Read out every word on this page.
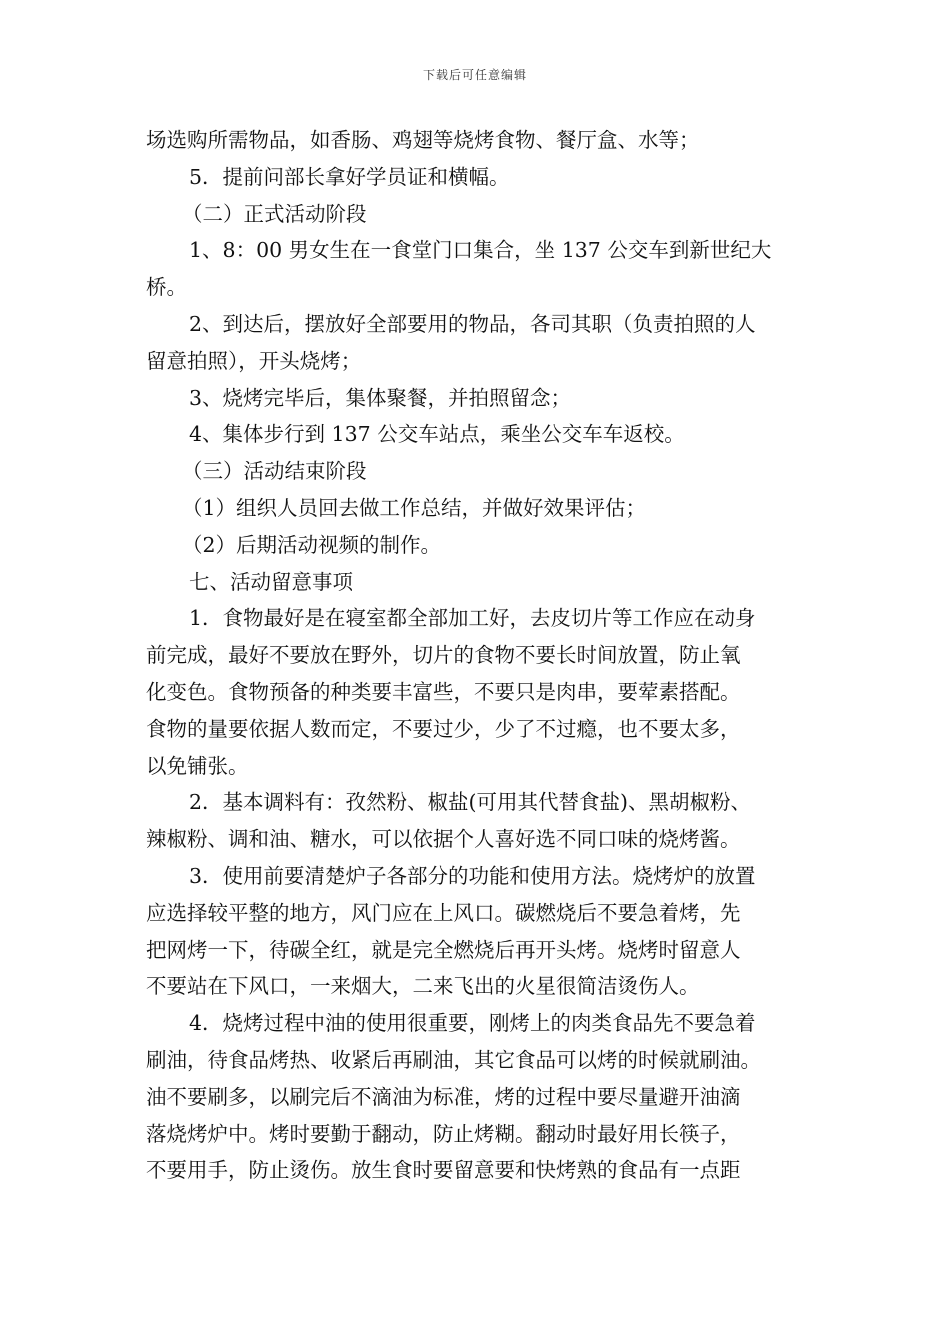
下载后可任意编辑
场选购所需物品，如香肠、鸡翅等烧烤食物、餐厅盒、水等；
5．提前问部长拿好学员证和横幅。
（二）正式活动阶段
1、8：00 男女生在一食堂门口集合，坐 137 公交车到新世纪大
桥。
2、到达后，摆放好全部要用的物品，各司其职（负责拍照的人
留意拍照），开头烧烤；
3、烧烤完毕后，集体聚餐，并拍照留念；
4、集体步行到 137 公交车站点，乘坐公交车车返校。
（三）活动结束阶段
（1）组织人员回去做工作总结，并做好效果评估；
（2）后期活动视频的制作。
七、活动留意事项
1．食物最好是在寝室都全部加工好，去皮切片等工作应在动身
前完成，最好不要放在野外，切片的食物不要长时间放置，防止氧
化变色。食物预备的种类要丰富些，不要只是肉串，要荤素搭配。
食物的量要依据人数而定，不要过少，少了不过瘾，也不要太多，
以免铺张。
2．基本调料有：孜然粉、椒盐(可用其代替食盐)、黑胡椒粉、
辣椒粉、调和油、糖水，可以依据个人喜好选不同口味的烧烤酱。
3．使用前要清楚炉子各部分的功能和使用方法。烧烤炉的放置
应选择较平整的地方，风门应在上风口。碳燃烧后不要急着烤，先
把网烤一下，待碳全红，就是完全燃烧后再开头烤。烧烤时留意人
不要站在下风口，一来烟大，二来飞出的火星很简洁烫伤人。
4．烧烤过程中油的使用很重要，刚烤上的肉类食品先不要急着
刷油，待食品烤热、收紧后再刷油，其它食品可以烤的时候就刷油。
油不要刷多，以刷完后不滴油为标准，烤的过程中要尽量避开油滴
落烧烤炉中。烤时要勤于翻动，防止烤糊。翻动时最好用长筷子，
不要用手，防止烫伤。放生食时要留意要和快烤熟的食品有一点距
